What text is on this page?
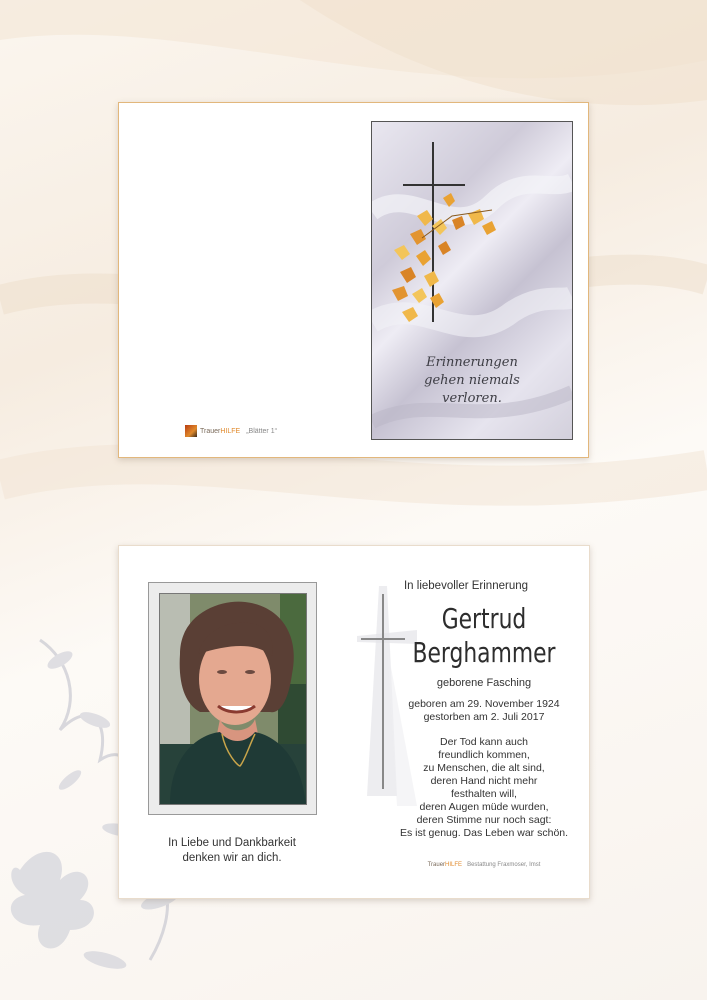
Trauer HILFE „Blätter 1“
Erinnerungen
gehen niemals
verloren.
In Liebe und Dankbarkeit
denken wir an dich.
In liebevoller Erinnerung
Gertrud
Berghammer
geborene Fasching
geboren am 29. November 1924
gestorben am 2. Juli 2017
Der Tod kann auch
freundlich kommen,
zu Menschen, die alt sind,
deren Hand nicht mehr
festhalten will,
deren Augen müde wurden,
deren Stimme nur noch sagt:
Es ist genug. Das Leben war schön.
TrauerHILFE Bestattung Fraxmoser, Imst
